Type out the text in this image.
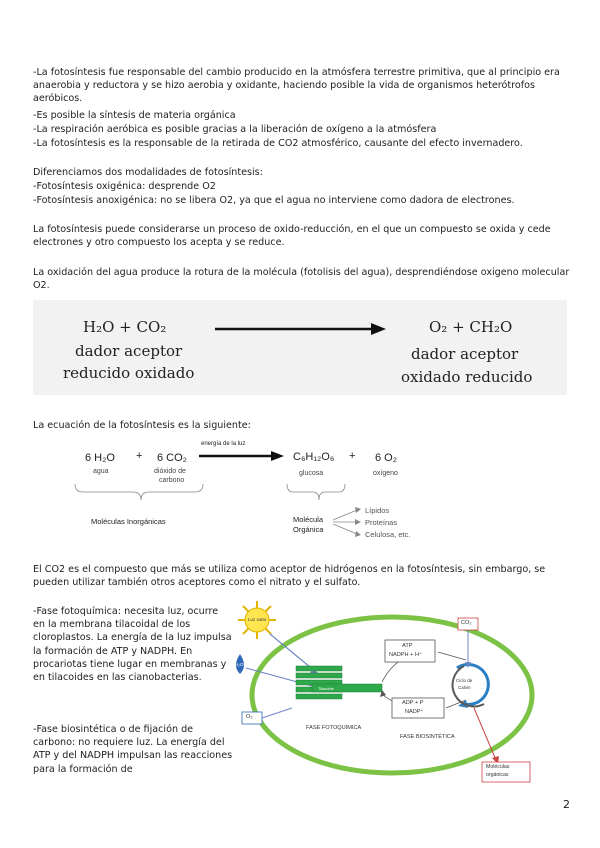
-La fotosíntesis fue responsable del cambio producido en la atmósfera terrestre primitiva, que al principio era anaerobia y reductora y se hizo aerobia y oxidante, haciendo posible la vida de organismos heterótrofos aeróbicos.

-Es posible la síntesis de materia orgánica

-La respiración aeróbica es posible gracias a la liberación de oxígeno a la atmósfera

-La fotosíntesis es la responsable de la retirada de CO2 atmosférico, causante del efecto invernadero.

Diferenciamos dos modalidades de fotosíntesis:

-Fotosíntesis oxigénica: desprende O2

-Fotosíntesis anoxigénica: no se libera O2, ya que el agua no interviene como dadora de electrones.

La fotosíntesis puede considerarse un proceso de oxido-reducción, en el que un compuesto se oxida y cede electrones y otro compuesto los acepta y se reduce.

La oxidación del agua produce la rotura de la molécula (fotolisis del agua), desprendiéndose oxigeno molecular O2.

H₂O + CO₂
dador aceptor
reducido oxidado
O₂ + CH₂O
dador aceptor
oxidado reducido

La ecuación de la fotosíntesis es la siguiente:

6 H₂O
agua
+ 6 CO₂
dióxido de
carbono
energía de la luz
C₆H₁₂O₆
glucosa
+ 6 O₂
oxígeno
Moléculas Inorgánicas	Molécula
Orgánica
Lípidos
Proteínas
Celulosa, etc.

El CO2 es el compuesto que más se utiliza como aceptor de hidrógenos en la fotosíntesis, sin embargo, se pueden utilizar también otros aceptores como el nitrato y el sulfato.

-Fase fotoquímica: necesita luz, ocurre en la membrana tilacoidal de los cloroplastos. La energía de la luz impulsa la formación de ATP y NADPH. En procariotas tiene lugar en membranas y en tilacoides en las cianobacterias.

-Fase biosintética o de fijación de carbono: no requiere luz. La energía del ATP y del NADPH impulsan las reacciones para la formación de

Luz solar
H₂O
CO₂
O₂
ATP
NADPH + H⁺
ADP + P
NADP⁺
Ciclo de
Calvin
Tilacoide
FASE FOTOQUÍMICA
FASE BIOSINTÉTICA
Moléculas
orgánicas
2
